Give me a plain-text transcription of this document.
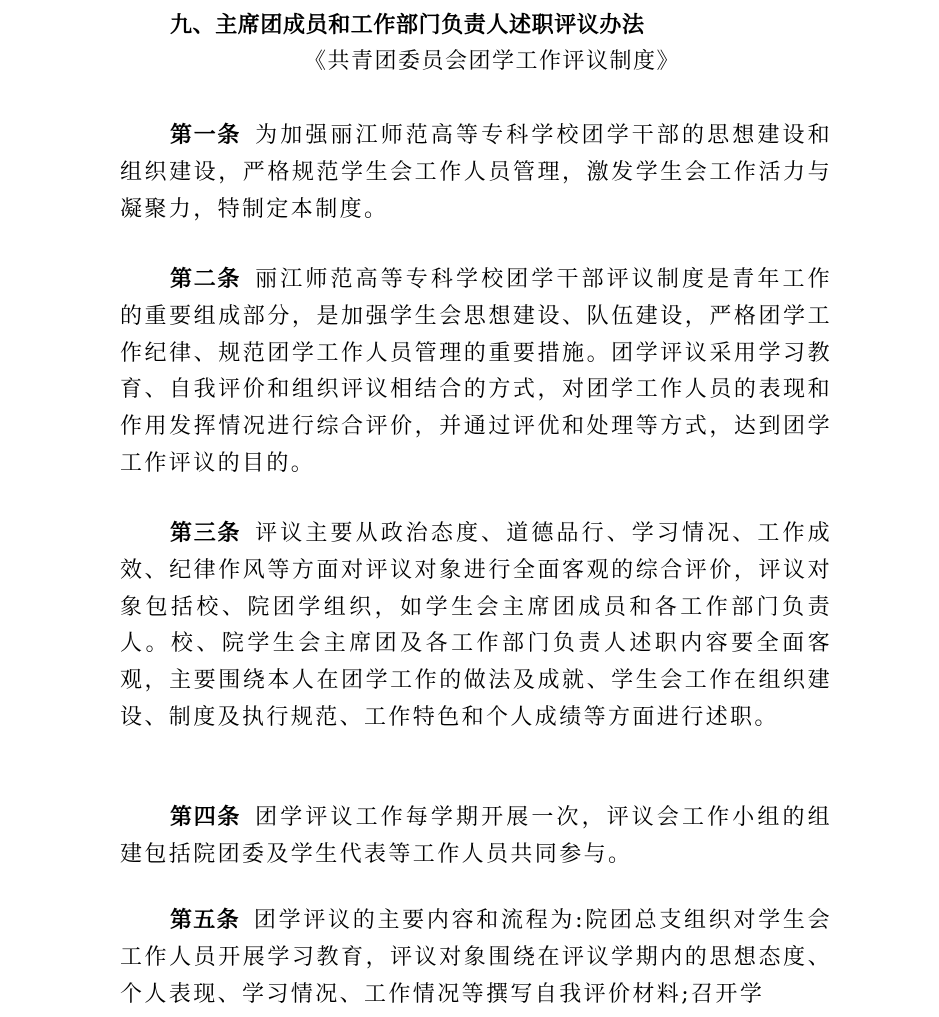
九、主席团成员和工作部门负责人述职评议办法
《共青团委员会团学工作评议制度》

第一条 为加强丽江师范高等专科学校团学干部的思想建设和组织建设，严格规范学生会工作人员管理，激发学生会工作活力与凝聚力，特制定本制度。

第二条 丽江师范高等专科学校团学干部评议制度是青年工作的重要组成部分，是加强学生会思想建设、队伍建设，严格团学工作纪律、规范团学工作人员管理的重要措施。团学评议采用学习教育、自我评价和组织评议相结合的方式，对团学工作人员的表现和作用发挥情况进行综合评价，并通过评优和处理等方式，达到团学工作评议的目的。

第三条 评议主要从政治态度、道德品行、学习情况、工作成效、纪律作风等方面对评议对象进行全面客观的综合评价，评议对象包括校、院团学组织，如学生会主席团成员和各工作部门负责人。校、院学生会主席团及各工作部门负责人述职内容要全面客观，主要围绕本人在团学工作的做法及成就、学生会工作在组织建设、制度及执行规范、工作特色和个人成绩等方面进行述职。

第四条 团学评议工作每学期开展一次，评议会工作小组的组建包括院团委及学生代表等工作人员共同参与。

第五条 团学评议的主要内容和流程为:院团总支组织对学生会工作人员开展学习教育，评议对象围绕在评议学期内的思想态度、个人表现、学习情况、工作情况等撰写自我评价材料;召开学
